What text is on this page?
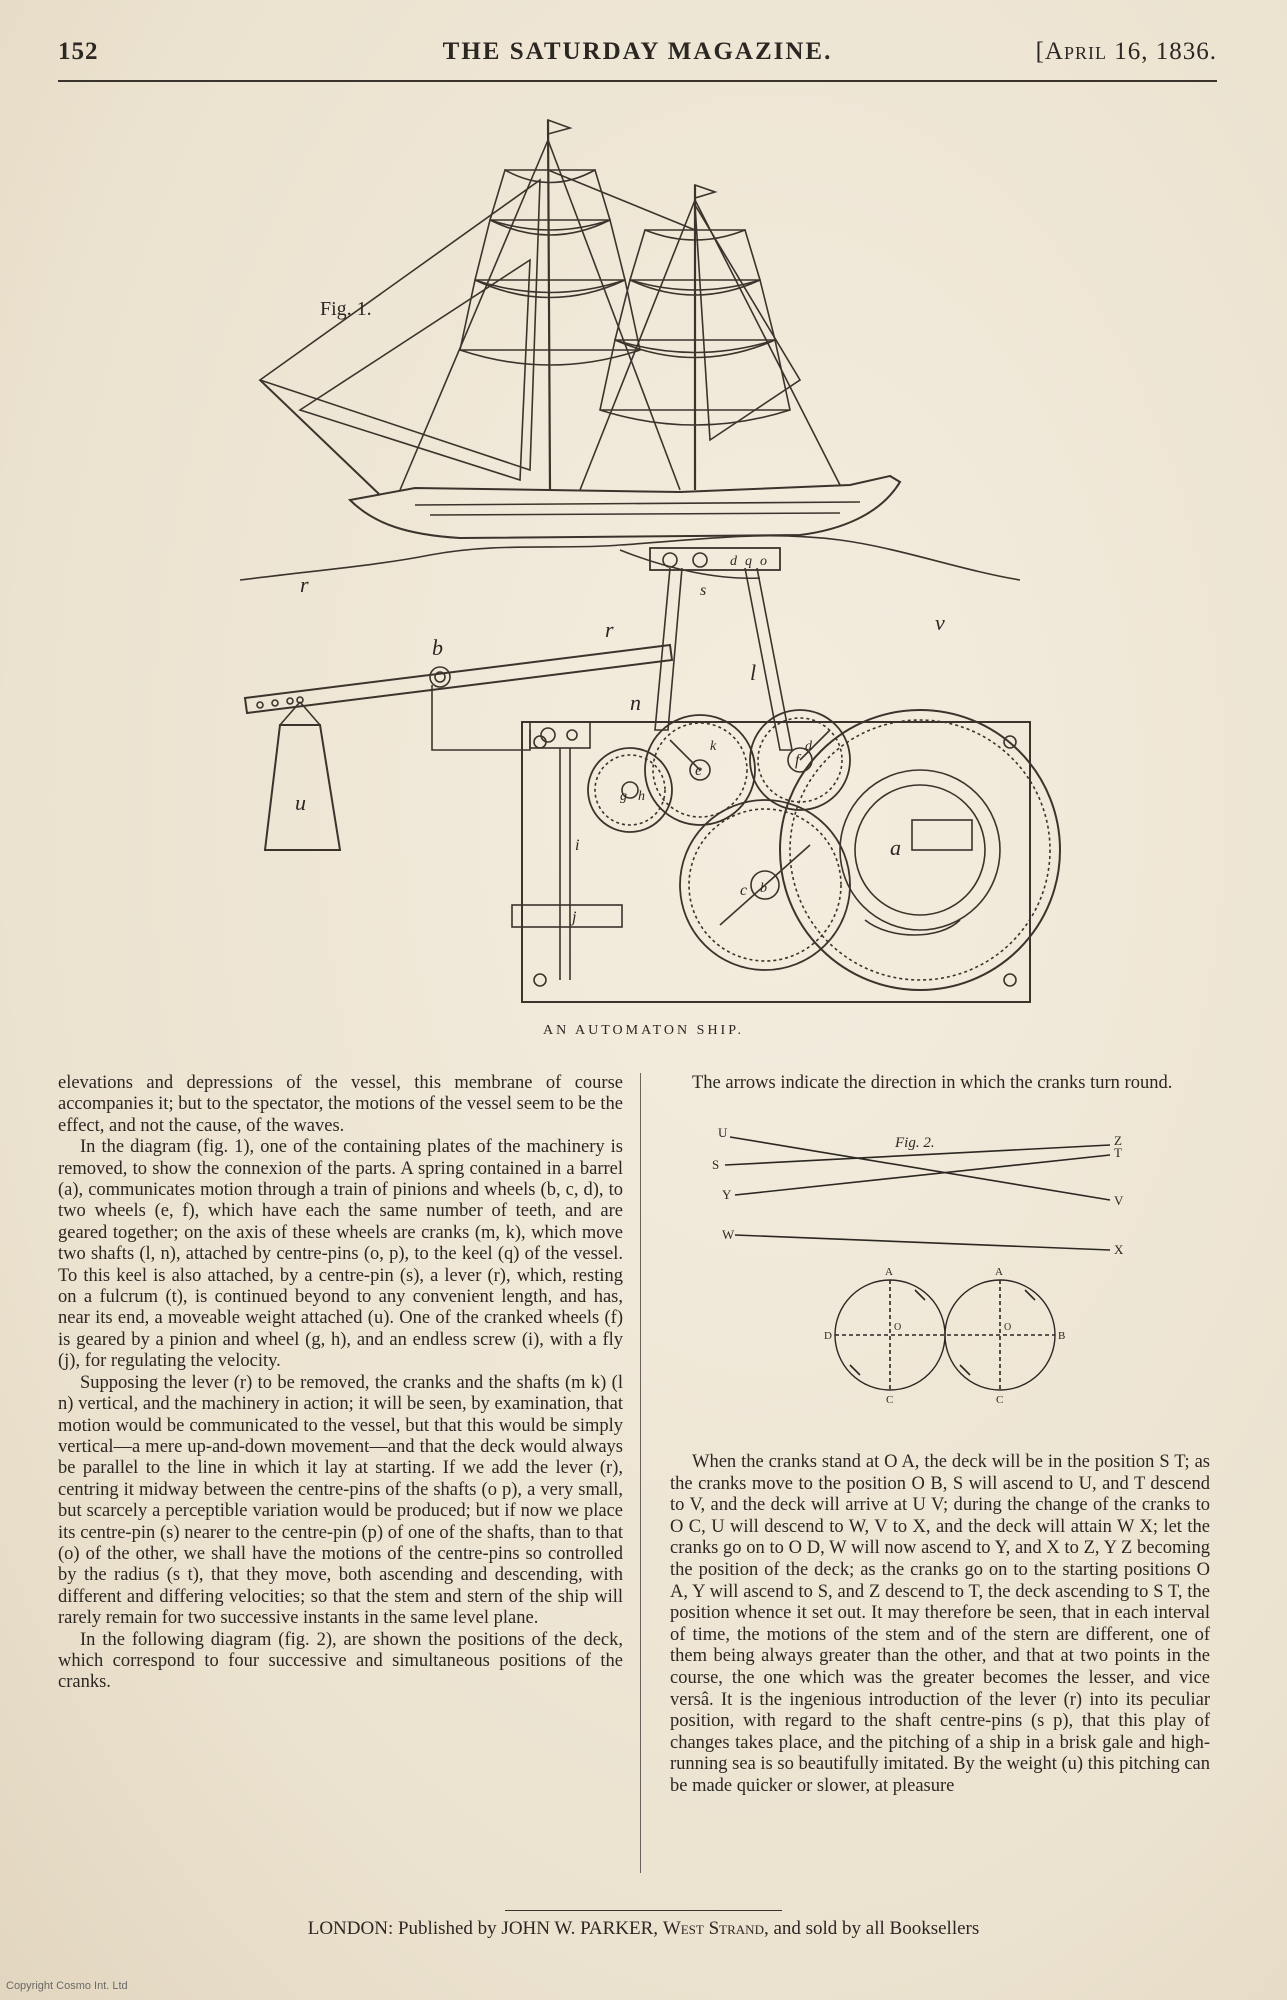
152	THE SATURDAY MAGAZINE.	[April 16, 1836.
Fig. 1.
r
v
b
r
n
l
s
d q o
u
i
j
g h
e
f
a
c b
d
k
AN AUTOMATON SHIP.

elevations and depressions of the vessel, this membrane of course accompanies it; but to the spectator, the motions of the vessel seem to be the effect, and not the cause, of the waves.

In the diagram (fig. 1), one of the containing plates of the machinery is removed, to show the connexion of the parts. A spring contained in a barrel (a), communicates motion through a train of pinions and wheels (b, c, d), to two wheels (e, f), which have each the same number of teeth, and are geared together; on the axis of these wheels are cranks (m, k), which move two shafts (l, n), attached by centre-pins (o, p), to the keel (q) of the vessel. To this keel is also attached, by a centre-pin (s), a lever (r), which, resting on a fulcrum (t), is continued beyond to any convenient length, and has, near its end, a moveable weight attached (u). One of the cranked wheels (f) is geared by a pinion and wheel (g, h), and an endless screw (i), with a fly (j), for regulating the velocity.

Supposing the lever (r) to be removed, the cranks and the shafts (m k) (l n) vertical, and the machinery in action; it will be seen, by examination, that motion would be communicated to the vessel, but that this would be simply vertical—a mere up-and-down movement—and that the deck would always be parallel to the line in which it lay at starting. If we add the lever (r), centring it midway between the centre-pins of the shafts (o p), a very small, but scarcely a perceptible variation would be produced; but if now we place its centre-pin (s) nearer to the centre-pin (p) of one of the shafts, than to that (o) of the other, we shall have the motions of the centre-pins so controlled by the radius (s t), that they move, both ascending and descending, with different and differing velocities; so that the stem and stern of the ship will rarely remain for two successive instants in the same level plane.

In the following diagram (fig. 2), are shown the positions of the deck, which correspond to four successive and simultaneous positions of the cranks.

The arrows indicate the direction in which the cranks turn round.

Fig. 2.
U
S
Y
W
Z
T
V
X
A	A
D	B
C	C
O	O

When the cranks stand at O A, the deck will be in the position S T; as the cranks move to the position O B, S will ascend to U, and T descend to V, and the deck will arrive at U V; during the change of the cranks to O C, U will descend to W, V to X, and the deck will attain W X; let the cranks go on to O D, W will now ascend to Y, and X to Z, Y Z becoming the position of the deck; as the cranks go on to the starting positions O A, Y will ascend to S, and Z descend to T, the deck ascending to S T, the position whence it set out. It may therefore be seen, that in each interval of time, the motions of the stem and of the stern are different, one of them being always greater than the other, and that at two points in the course, the one which was the greater becomes the lesser, and vice versâ. It is the ingenious introduction of the lever (r) into its peculiar position, with regard to the shaft centre-pins (s p), that this play of changes takes place, and the pitching of a ship in a brisk gale and high-running sea is so beautifully imitated. By the weight (u) this pitching can be made quicker or slower, at pleasure

LONDON: Published by JOHN W. PARKER, West Strand, and sold by all Booksellers
Copyright Cosmo Int. Ltd
